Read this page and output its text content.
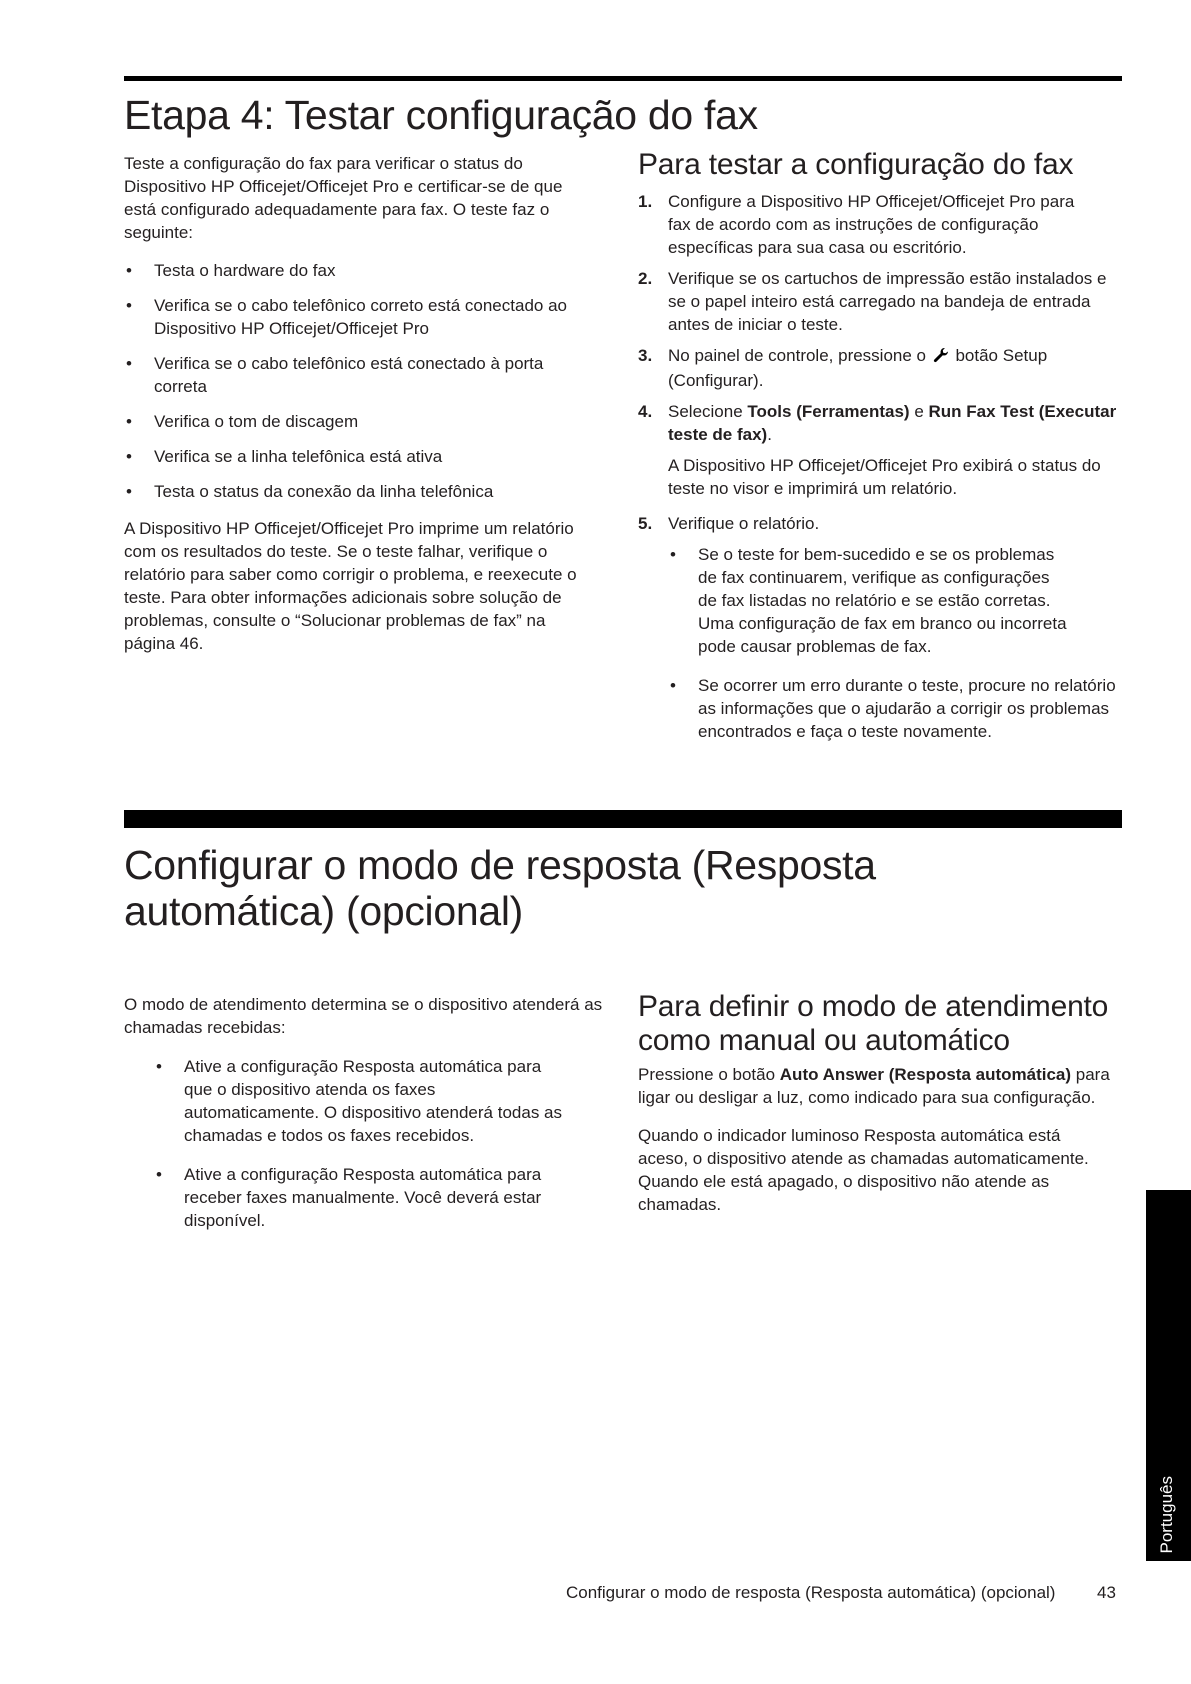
Etapa 4: Testar configuração do fax

Teste a configuração do fax para verificar o status do Dispositivo HP Officejet/Officejet Pro e certificar-se de que está configurado adequadamente para fax. O teste faz o seguinte:

• Testa o hardware do fax
• Verifica se o cabo telefônico correto está conectado ao Dispositivo HP Officejet/Officejet Pro
• Verifica se o cabo telefônico está conectado à porta correta
• Verifica o tom de discagem
• Verifica se a linha telefônica está ativa
• Testa o status da conexão da linha telefônica

A Dispositivo HP Officejet/Officejet Pro imprime um relatório com os resultados do teste. Se o teste falhar, verifique o relatório para saber como corrigir o problema, e reexecute o teste. Para obter informações adicionais sobre solução de problemas, consulte o “Solucionar problemas de fax” na página 46.

Para testar a configuração do fax
1. Configure a Dispositivo HP Officejet/Officejet Pro para fax de acordo com as instruções de configuração específicas para sua casa ou escritório.
2. Verifique se os cartuchos de impressão estão instalados e se o papel inteiro está carregado na bandeja de entrada antes de iniciar o teste.
3. No painel de controle, pressione o botão Setup (Configurar).
4. Selecione Tools (Ferramentas) e Run Fax Test (Executar teste de fax).

A Dispositivo HP Officejet/Officejet Pro exibirá o status do teste no visor e imprimirá um relatório.

5. Verifique o relatório.
• Se o teste for bem-sucedido e se os problemas de fax continuarem, verifique as configurações de fax listadas no relatório e se estão corretas. Uma configuração de fax em branco ou incorreta pode causar problemas de fax.
• Se ocorrer um erro durante o teste, procure no relatório as informações que o ajudarão a corrigir os problemas encontrados e faça o teste novamente.
Configurar o modo de resposta (Resposta automática) (opcional)

O modo de atendimento determina se o dispositivo atenderá as chamadas recebidas:

• Ative a configuração Resposta automática para que o dispositivo atenda os faxes automaticamente. O dispositivo atenderá todas as chamadas e todos os faxes recebidos.
• Ative a configuração Resposta automática para receber faxes manualmente. Você deverá estar disponível.
Para definir o modo de atendimento como manual ou automático

Pressione o botão Auto Answer (Resposta automática) para ligar ou desligar a luz, como indicado para sua configuração.

Quando o indicador luminoso Resposta automática está aceso, o dispositivo atende as chamadas automaticamente. Quando ele está apagado, o dispositivo não atende as chamadas.

Português
Configurar o modo de resposta (Resposta automática) (opcional) 43
